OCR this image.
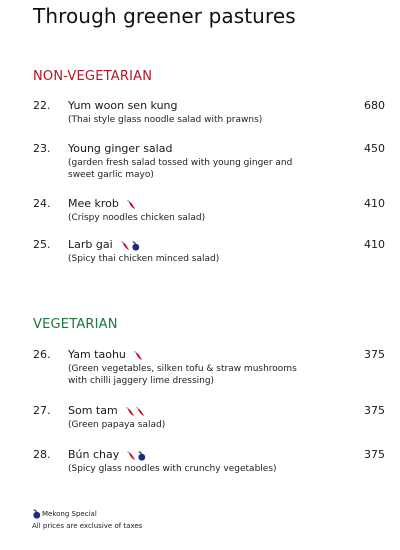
Through greener pastures
NON-VEGETARIAN
22. Yum woon sen kung	680
(Thai style glass noodle salad with prawns)
23. Young ginger salad	450
(garden fresh salad tossed with young ginger and sweet garlic mayo)
24. Mee krob	410
(Crispy noodles chicken salad)
25. Larb gai	410
(Spicy thai chicken minced salad)
VEGETARIAN
26. Yam taohu	375
(Green vegetables, silken tofu & straw mushrooms with chilli jaggery lime dressing)
27. Som tam	375
(Green papaya salad)
28. Bún chay	375
(Spicy glass noodles with crunchy vegetables)
Mekong Special
All prices are exclusive of taxes
